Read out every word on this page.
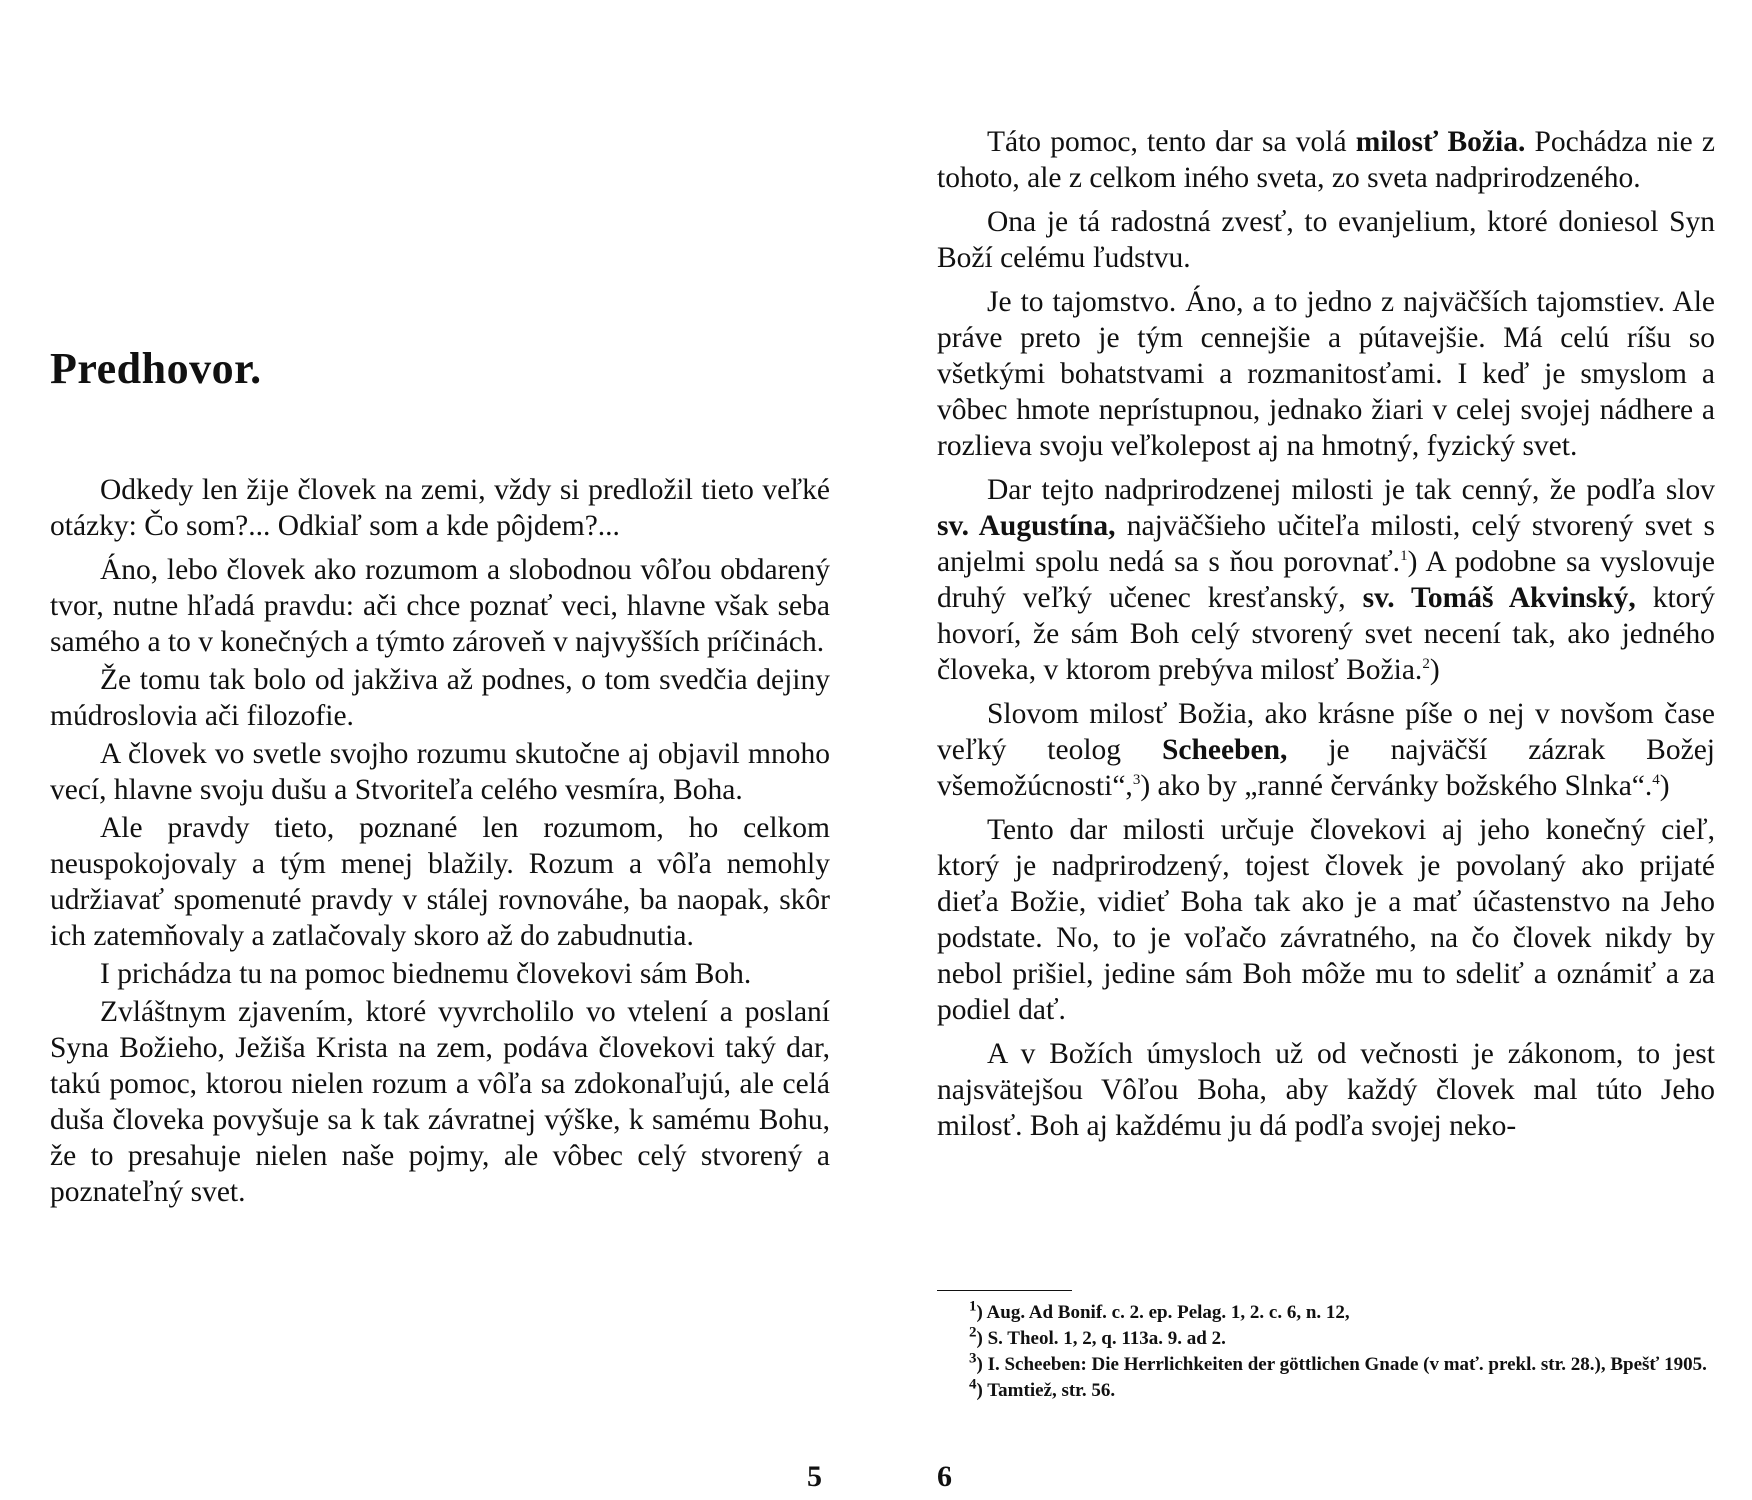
Predhovor.

Odkedy len žije človek na zemi, vždy si predložil tieto veľké otázky: Čo som?... Odkiaľ som a kde pôjdem?...

Áno, lebo človek ako rozumom a slobodnou vôľou obdarený tvor, nutne hľadá pravdu: ači chce poznať veci, hlavne však seba samého a to v konečných a týmto zároveň v najvyšších príčinách.

Že tomu tak bolo od jakživa až podnes, o tom svedčia dejiny múdroslovia ači filozofie.

A človek vo svetle svojho rozumu skutočne aj objavil mnoho vecí, hlavne svoju dušu a Stvoriteľa celého vesmíra, Boha.

Ale pravdy tieto, poznané len rozumom, ho celkom neuspokojovaly a tým menej blažily. Rozum a vôľa nemohly udržiavať spomenuté pravdy v stálej rovnováhe, ba naopak, skôr ich zatemňovaly a zatlačovaly skoro až do zabudnutia.

I prichádza tu na pomoc biednemu človekovi sám Boh.

Zvláštnym zjavením, ktoré vyvrcholilo vo vtelení a poslaní Syna Božieho, Ježiša Krista na zem, podáva človekovi taký dar, takú pomoc, ktorou nielen rozum a vôľa sa zdokonaľujú, ale celá duša človeka povyšuje sa k tak závratnej výške, k samému Bohu, že to presahuje nielen naše pojmy, ale vôbec celý stvorený a poznateľný svet.

5

Táto pomoc, tento dar sa volá milosť Božia. Pochádza nie z tohoto, ale z celkom iného sveta, zo sveta nadprirodzeného.

Ona je tá radostná zvesť, to evanjelium, ktoré doniesol Syn Boží celému ľudstvu.

Je to tajomstvo. Áno, a to jedno z najväčších tajomstiev. Ale práve preto je tým cennejšie a pútavejšie. Má celú ríšu so všetkými bohatstvami a rozmanitosťami. I keď je smyslom a vôbec hmote neprístupnou, jednako žiari v celej svojej nádhere a rozlieva svoju veľkolepost aj na hmotný, fyzický svet.

Dar tejto nadprirodzenej milosti je tak cenný, že podľa slov sv. Augustína, najväčšieho učiteľa milosti, celý stvorený svet s anjelmi spolu nedá sa s ňou porovnať.$^1$) A podobne sa vyslovuje druhý veľký učenec kresťanský, sv. Tomáš Akvinský, ktorý hovorí, že sám Boh celý stvorený svet necení tak, ako jedného človeka, v ktorom prebýva milosť Božia.$^2$)

Slovom milosť Božia, ako krásne píše o nej v novšom čase veľký teolog Scheeben, je najväčší zázrak Božej všemožúcnosti“,$^3$) ako by „ranné červánky božského Slnka“.$^4$)

Tento dar milosti určuje človekovi aj jeho konečný cieľ, ktorý je nadprirodzený, tojest človek je povolaný ako prijaté dieťa Božie, vidieť Boha tak ako je a mať účastenstvo na Jeho podstate. No, to je voľačo závratného, na čo človek nikdy by nebol prišiel, jedine sám Boh môže mu to sdeliť a oznámiť a za podiel dať.

A v Božích úmysloch už od večnosti je zákonom, to jest najsvätejšou Vôľou Boha, aby každý človek mal túto Jeho milosť. Boh aj každému ju dá podľa svojej neko-

$^1$) Aug. Ad Bonif. c. 2. ep. Pelag. 1, 2. c. 6, n. 12,

$^2$) S. Theol. 1, 2, q. 113a. 9. ad 2.

$^3$) I. Scheeben: Die Herrlichkeiten der göttlichen Gnade (v mať. prekl. str. 28.), Bpešť 1905.

$^4$) Tamtiež, str. 56.

6
